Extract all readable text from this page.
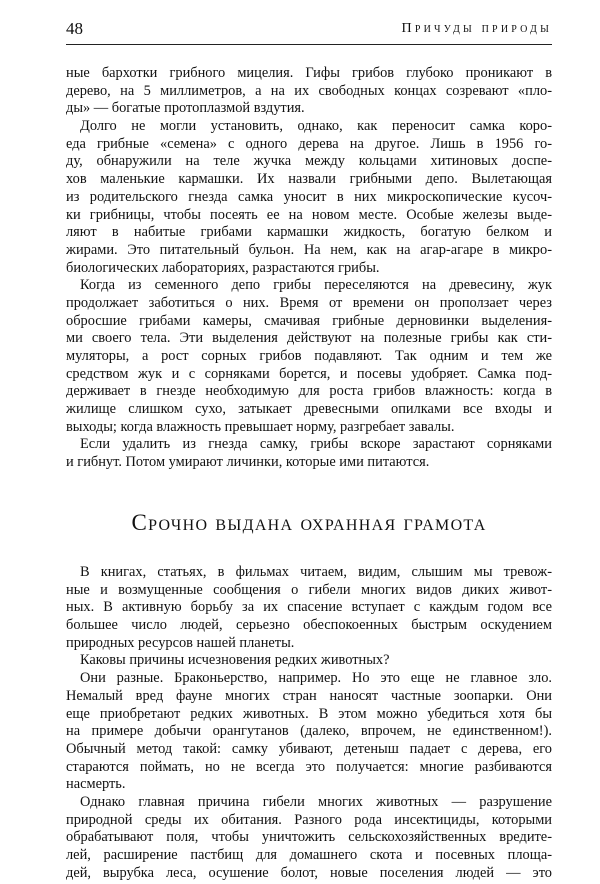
48	Причуды природы
ные бархотки грибного мицелия. Гифы грибов глубоко проникают в
дерево, на 5 миллиметров, а на их свободных концах созревают «пло-
ды» — богатые протоплазмой вздутия.
Долго не могли установить, однако, как переносит самка коро-
еда грибные «семена» с одного дерева на другое. Лишь в 1956 го-
ду, обнаружили на теле жучка между кольцами хитиновых доспе-
хов маленькие кармашки. Их назвали грибными депо. Вылетающая
из родительского гнезда самка уносит в них микроскопические кусоч-
ки грибницы, чтобы посеять ее на новом месте. Особые железы выде-
ляют в набитые грибами кармашки жидкость, богатую белком и
жирами. Это питательный бульон. На нем, как на агар-агаре в микро-
биологических лабораториях, разрастаются грибы.
Когда из семенного депо грибы переселяются на древесину, жук
продолжает заботиться о них. Время от времени он проползает через
обросшие грибами камеры, смачивая грибные дерновинки выделения-
ми своего тела. Эти выделения действуют на полезные грибы как сти-
муляторы, а рост сорных грибов подавляют. Так одним и тем же
средством жук и с сорняками борется, и посевы удобряет. Самка под-
держивает в гнезде необходимую для роста грибов влажность: когда в
жилище слишком сухо, затыкает древесными опилками все входы и
выходы; когда влажность превышает норму, разгребает завалы.
Если удалить из гнезда самку, грибы вскоре зарастают сорняками
и гибнут. Потом умирают личинки, которые ими питаются.
Срочно выдана охранная грамота
В книгах, статьях, в фильмах читаем, видим, слышим мы тревож-
ные и возмущенные сообщения о гибели многих видов диких живот-
ных. В активную борьбу за их спасение вступает с каждым годом все
большее число людей, серьезно обеспокоенных быстрым оскудением
природных ресурсов нашей планеты.
Каковы причины исчезновения редких животных?
Они разные. Браконьерство, например. Но это еще не главное зло.
Немалый вред фауне многих стран наносят частные зоопарки. Они
еще приобретают редких животных. В этом можно убедиться хотя бы
на примере добычи орангутанов (далеко, впрочем, не единственном!).
Обычный метод такой: самку убивают, детеныш падает с дерева, его
стараются поймать, но не всегда это получается: многие разбиваются
насмерть.
Однако главная причина гибели многих животных — разрушение
природной среды их обитания. Разного рода инсектициды, которыми
обрабатывают поля, чтобы уничтожить сельскохозяйственных вредите-
лей, расширение пастбищ для домашнего скота и посевных площа-
дей, вырубка леса, осушение болот, новые поселения людей — это
